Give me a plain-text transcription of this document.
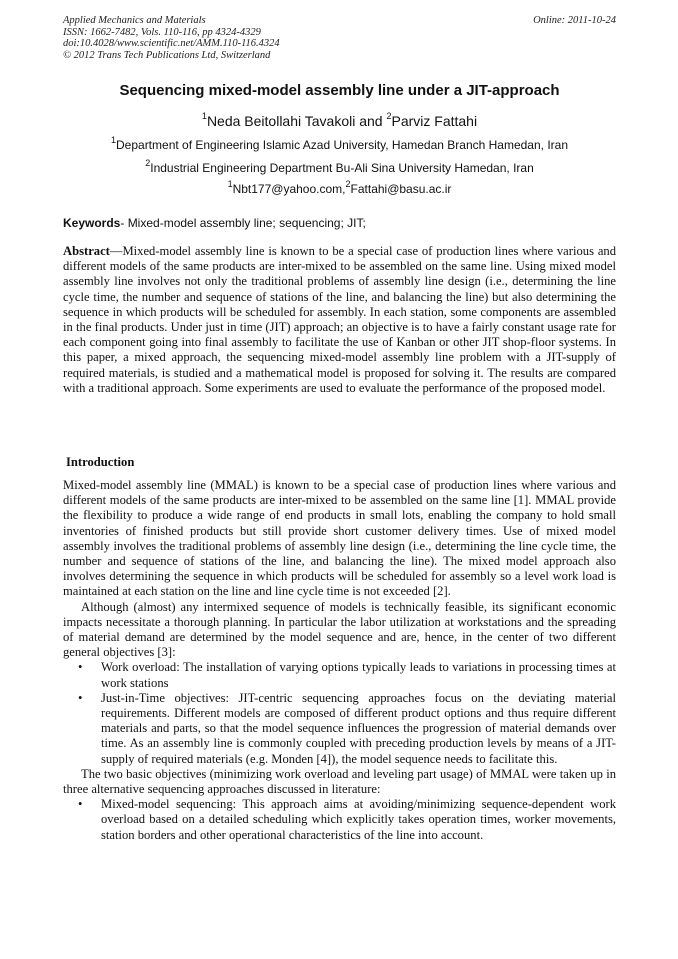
Applied Mechanics and Materials
ISSN: 1662-7482, Vols. 110-116, pp 4324-4329
doi:10.4028/www.scientific.net/AMM.110-116.4324
© 2012 Trans Tech Publications Ltd, Switzerland
Online: 2011-10-24
Sequencing mixed-model assembly line under a JIT-approach
$^1$Neda Beitollahi Tavakoli and $^2$Parviz Fattahi
$^1$Department of Engineering Islamic Azad University, Hamedan Branch Hamedan, Iran
$^2$Industrial Engineering Department Bu-Ali Sina University Hamedan, Iran
$^1$Nbt177@yahoo.com,$^2$Fattahi@basu.ac.ir
Keywords- Mixed-model assembly line; sequencing; JIT;

Abstract—Mixed-model assembly line is known to be a special case of production lines where various and different models of the same products are inter-mixed to be assembled on the same line. Using mixed model assembly line involves not only the traditional problems of assembly line design (i.e., determining the line cycle time, the number and sequence of stations of the line, and balancing the line) but also determining the sequence in which products will be scheduled for assembly. In each station, some components are assembled in the final products. Under just in time (JIT) approach; an objective is to have a fairly constant usage rate for each component going into final assembly to facilitate the use of Kanban or other JIT shop-floor systems. In this paper, a mixed approach, the sequencing mixed-model assembly line problem with a JIT-supply of required materials, is studied and a mathematical model is proposed for solving it. The results are compared with a traditional approach. Some experiments are used to evaluate the performance of the proposed model.

Introduction

Mixed-model assembly line (MMAL) is known to be a special case of production lines where various and different models of the same products are inter-mixed to be assembled on the same line [1]. MMAL provide the flexibility to produce a wide range of end products in small lots, enabling the company to hold small inventories of finished products but still provide short customer delivery times. Use of mixed model assembly involves the traditional problems of assembly line design (i.e., determining the line cycle time, the number and sequence of stations of the line, and balancing the line). The mixed model approach also involves determining the sequence in which products will be scheduled for assembly so a level work load is maintained at each station on the line and line cycle time is not exceeded [2].

Although (almost) any intermixed sequence of models is technically feasible, its significant economic impacts necessitate a thorough planning. In particular the labor utilization at workstations and the spreading of material demand are determined by the model sequence and are, hence, in the center of two different general objectives [3]:

• Work overload: The installation of varying options typically leads to variations in processing times at work stations
• Just-in-Time objectives: JIT-centric sequencing approaches focus on the deviating material requirements. Different models are composed of different product options and thus require different materials and parts, so that the model sequence influences the progression of material demands over time. As an assembly line is commonly coupled with preceding production levels by means of a JIT-supply of required materials (e.g. Monden [4]), the model sequence needs to facilitate this.

The two basic objectives (minimizing work overload and leveling part usage) of MMAL were taken up in three alternative sequencing approaches discussed in literature:

• Mixed-model sequencing: This approach aims at avoiding/minimizing sequence-dependent work overload based on a detailed scheduling which explicitly takes operation times, worker movements, station borders and other operational characteristics of the line into account.
